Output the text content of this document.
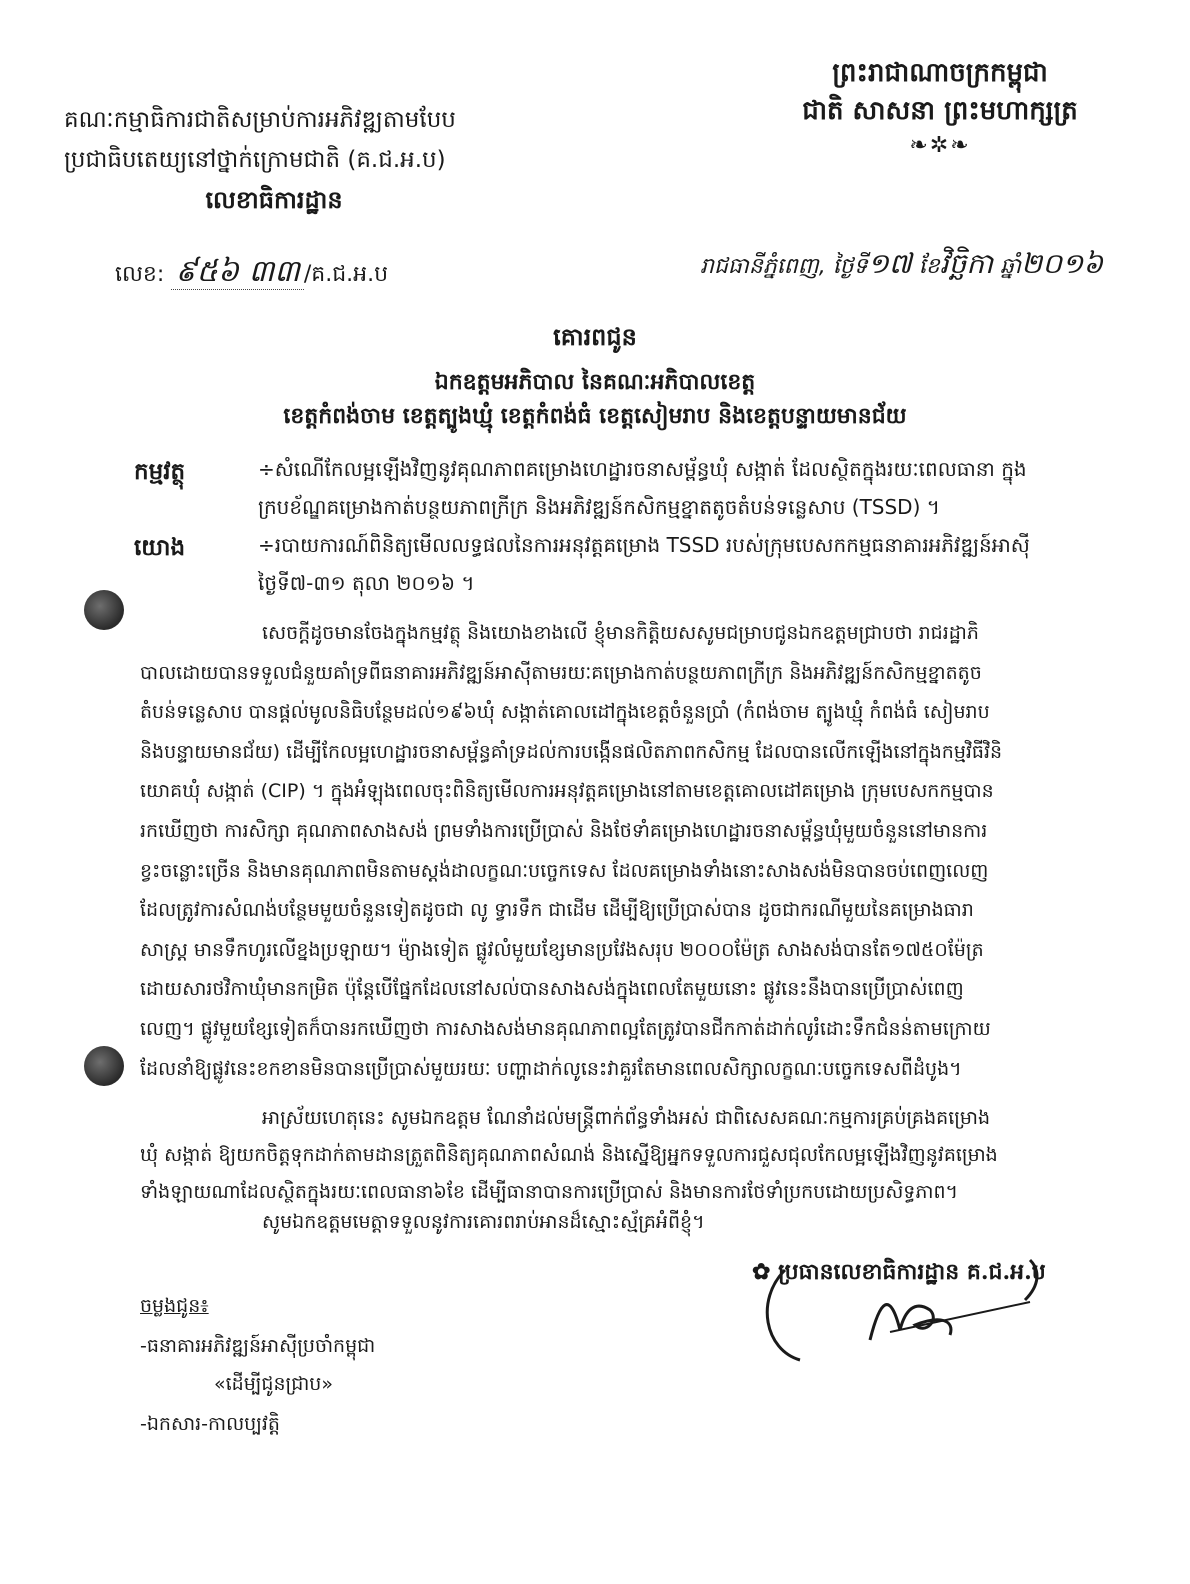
ព្រះរាជាណាចក្រកម្ពុជា
ជាតិ សាសនា ព្រះមហាក្សត្រ
❧✲❧
គណៈកម្មាធិការជាតិសម្រាប់ការអភិវឌ្ឍតាមបែប
ប្រជាធិបតេយ្យនៅថ្នាក់ក្រោមជាតិ (គ.ជ.អ.ប)
លេខាធិការដ្ឋាន
លេខ: ៩៥៦ ៣៣ /គ.ជ.អ.ប	រាជធានីភ្នំពេញ, ថ្ងៃទី១៧ ខែវិច្ឆិកា ឆ្នាំ២០១៦
គោរពជូន
ឯកឧត្តមអភិបាល នៃគណៈអភិបាលខេត្ត
ខេត្តកំពង់ចាម ខេត្តត្បូងឃ្មុំ ខេត្តកំពង់ធំ ខេត្តសៀមរាប និងខេត្តបន្ទាយមានជ័យ
កម្មវត្ថុ	÷សំណើកែលម្អឡើងវិញនូវគុណភាពគម្រោងហេដ្ឋារចនាសម្ព័ន្ធឃុំ សង្កាត់ ដែលស្ថិតក្នុងរយៈពេលធានា ក្នុង
ក្របខ័ណ្ឌគម្រោងកាត់បន្ថយភាពក្រីក្រ និងអភិវឌ្ឍន៍កសិកម្មខ្នាតតូចតំបន់ទន្លេសាប (TSSD) ។
យោង	÷របាយការណ៍ពិនិត្យមើលលទ្ធផលនៃការអនុវត្តគម្រោង TSSD របស់ក្រុមបេសកកម្មធនាគារអភិវឌ្ឍន៍អាស៊ី
ថ្ងៃទី៧-៣១ តុលា ២០១៦ ។
សេចក្តីដូចមានចែងក្នុងកម្មវត្ថុ និងយោងខាងលើ ខ្ញុំមានកិត្តិយសសូមជម្រាបជូនឯកឧត្តមជ្រាបថា រាជរដ្ឋាភិ
បាលដោយបានទទួលជំនួយគាំទ្រពីធនាគារអភិវឌ្ឍន៍អាស៊ីតាមរយៈគម្រោងកាត់បន្ថយភាពក្រីក្រ និងអភិវឌ្ឍន៍កសិកម្មខ្នាតតូច
តំបន់ទន្លេសាប បានផ្តល់មូលនិធិបន្ថែមដល់១៩៦ឃុំ សង្កាត់គោលដៅក្នុងខេត្តចំនួនប្រាំ (កំពង់ចាម ត្បូងឃ្មុំ កំពង់ធំ សៀមរាប
និងបន្ទាយមានជ័យ) ដើម្បីកែលម្អហេដ្ឋារចនាសម្ព័ន្ធគាំទ្រដល់ការបង្កើនផលិតភាពកសិកម្ម ដែលបានលើកឡើងនៅក្នុងកម្មវិធីវិនិ
យោគឃុំ សង្កាត់ (CIP) ។ ក្នុងអំឡុងពេលចុះពិនិត្យមើលការអនុវត្តគម្រោងនៅតាមខេត្តគោលដៅគម្រោង ក្រុមបេសកកម្មបាន
រកឃើញថា ការសិក្សា គុណភាពសាងសង់ ព្រមទាំងការប្រើប្រាស់ និងថែទាំគម្រោងហេដ្ឋារចនាសម្ព័ន្ធឃុំមួយចំនួននៅមានការ
ខ្វះចន្លោះច្រើន និងមានគុណភាពមិនតាមស្តង់ដាលក្ខណៈបច្ចេកទេស ដែលគម្រោងទាំងនោះសាងសង់មិនបានចប់ពេញលេញ
ដែលត្រូវការសំណង់បន្ថែមមួយចំនួនទៀតដូចជា លូ ទ្វារទឹក ជាដើម ដើម្បីឱ្យប្រើប្រាស់បាន ដូចជាករណីមួយនៃគម្រោងធារា
សាស្ត្រ មានទឹកហូរលើខ្នងប្រឡាយ។ ម៉្យាងទៀត ផ្លូវលំមួយខ្សែមានប្រវែងសរុប ២០០០ម៉ែត្រ សាងសង់បានតែ១៧៥០ម៉ែត្រ
ដោយសារថវិកាឃុំមានកម្រិត ប៉ុន្តែបើផ្នែកដែលនៅសល់បានសាងសង់ក្នុងពេលតែមួយនោះ ផ្លូវនេះនឹងបានប្រើប្រាស់ពេញ
លេញ។ ផ្លូវមួយខ្សែទៀតក៏បានរកឃើញថា ការសាងសង់មានគុណភាពល្អតែត្រូវបានជីកកាត់ដាក់លូរំដោះទឹកជំនន់តាមក្រោយ
ដែលនាំឱ្យផ្លូវនេះខកខានមិនបានប្រើប្រាស់មួយរយៈ បញ្ហាដាក់លូនេះវាគួរតែមានពេលសិក្សាលក្ខណៈបច្ចេកទេសពីដំបូង។
អាស្រ័យហេតុនេះ សូមឯកឧត្តម ណែនាំដល់មន្ត្រីពាក់ព័ន្ធទាំងអស់ ជាពិសេសគណៈកម្មការគ្រប់គ្រងគម្រោង
ឃុំ សង្កាត់ ឱ្យយកចិត្តទុកដាក់តាមដានត្រួតពិនិត្យគុណភាពសំណង់ និងស្នើឱ្យអ្នកទទួលការជួសជុលកែលម្អឡើងវិញនូវគម្រោង
ទាំងឡាយណាដែលស្ថិតក្នុងរយៈពេលធានា៦ខែ ដើម្បីធានាបានការប្រើប្រាស់ និងមានការថែទាំប្រកបដោយប្រសិទ្ធភាព។
សូមឯកឧត្តមមេត្តាទទួលនូវការគោរពរាប់អានដ៏ស្មោះស្ម័គ្រអំពីខ្ញុំ។
✿ ប្រធានលេខាធិការដ្ឋាន គ.ជ.អ.ប
ចម្លងជូន៖
-ធនាគារអភិវឌ្ឍន៍អាស៊ីប្រចាំកម្ពុជា
«ដើម្បីជូនជ្រាប»
-ឯកសារ-កាលប្បវត្តិ
